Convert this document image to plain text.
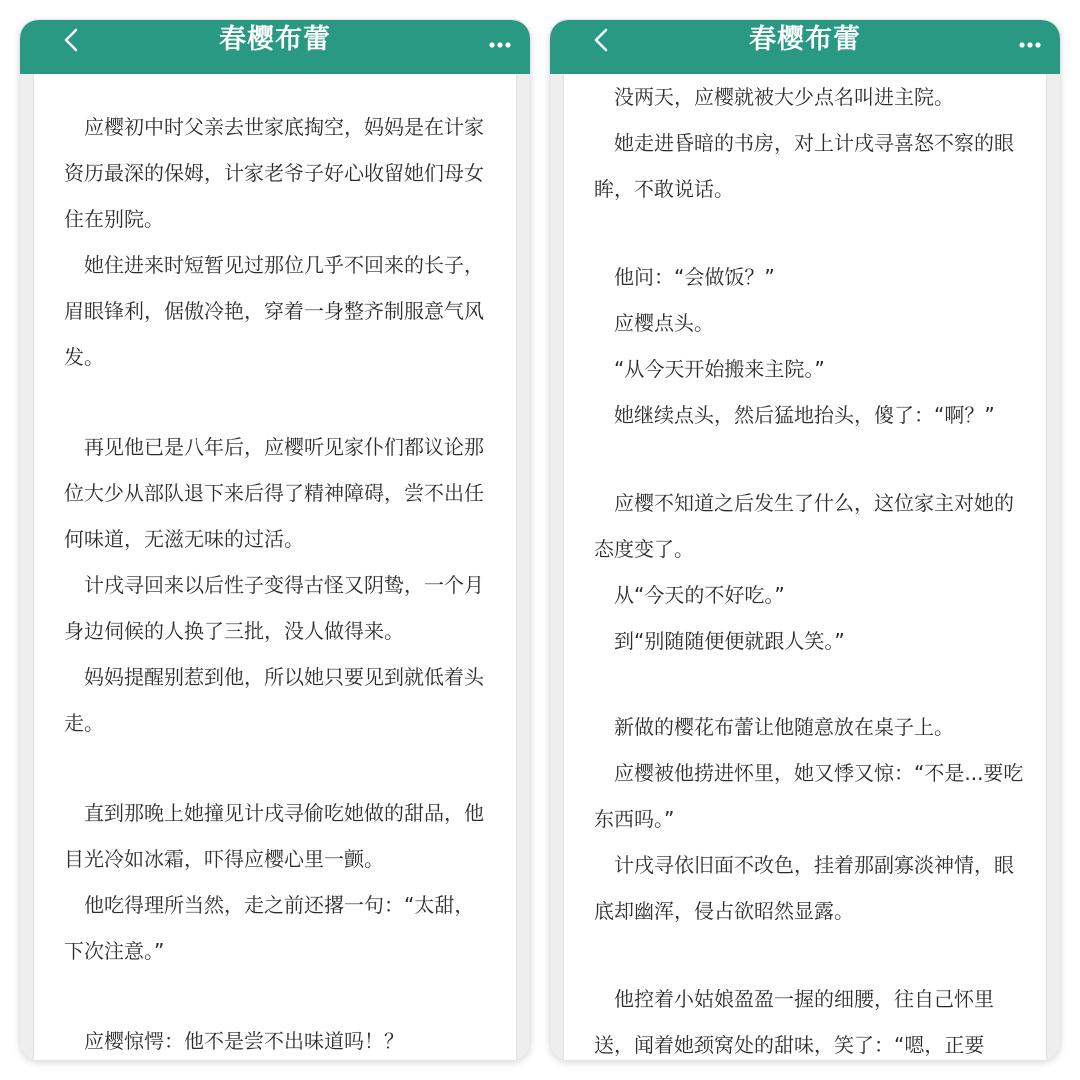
春樱布蕾
　应樱初中时父亲去世家底掏空，妈妈是在计家
资历最深的保姆，计家老爷子好心收留她们母女
住在别院。
　她住进来时短暂见过那位几乎不回来的长子，
眉眼锋利，倨傲冷艳，穿着一身整齐制服意气风
发。
　再见他已是八年后，应樱听见家仆们都议论那
位大少从部队退下来后得了精神障碍，尝不出任
何味道，无滋无味的过活。
　计戌寻回来以后性子变得古怪又阴鸷，一个月
身边伺候的人换了三批，没人做得来。
　妈妈提醒别惹到他，所以她只要见到就低着头
走。
　直到那晚上她撞见计戌寻偷吃她做的甜品，他
目光冷如冰霜，吓得应樱心里一颤。
　他吃得理所当然，走之前还撂一句：“太甜，
下次注意。”
　应樱惊愕：他不是尝不出味道吗！？
春樱布蕾
　没两天，应樱就被大少点名叫进主院。
　她走进昏暗的书房，对上计戌寻喜怒不察的眼
眸，不敢说话。
　他问：“会做饭？”
　应樱点头。
　“从今天开始搬来主院。”
　她继续点头，然后猛地抬头，傻了：“啊？”
　应樱不知道之后发生了什么，这位家主对她的
态度变了。
　从“今天的不好吃。”
　到“别随随便便就跟人笑。”
　新做的樱花布蕾让他随意放在桌子上。
　应樱被他捞进怀里，她又悸又惊：“不是...要吃
东西吗。”
　计戌寻依旧面不改色，挂着那副寡淡神情，眼
底却幽浑，侵占欲昭然显露。
　他控着小姑娘盈盈一握的细腰，往自己怀里
送，闻着她颈窝处的甜味，笑了：“嗯，正要
